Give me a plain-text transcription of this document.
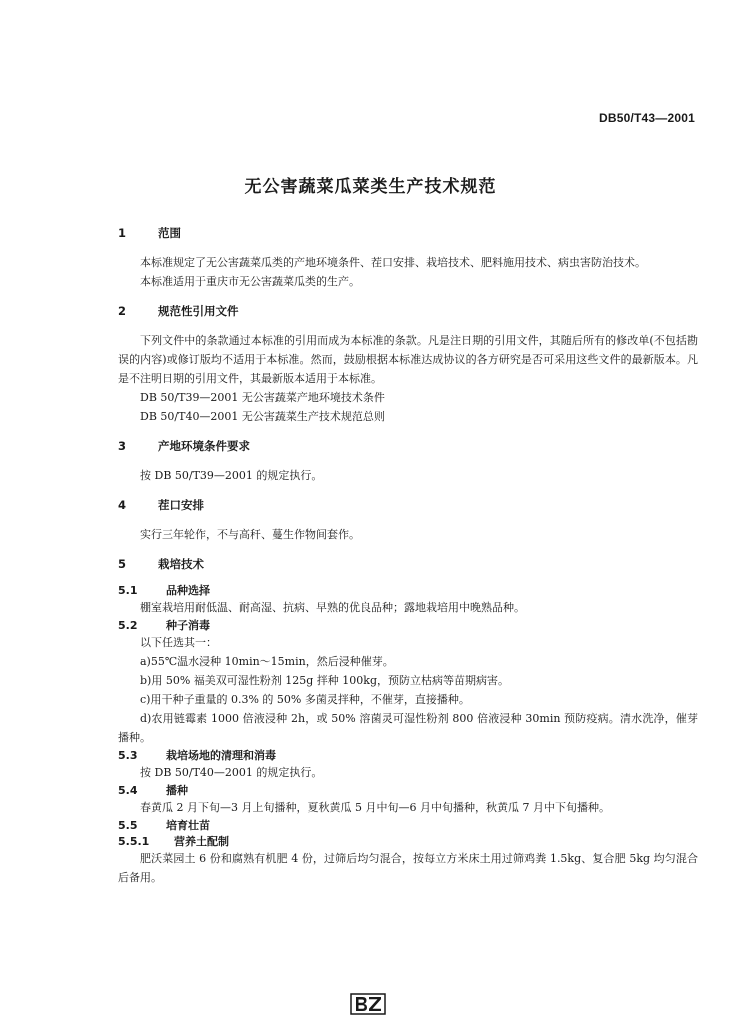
DB50/T43—2001
无公害蔬菜瓜菜类生产技术规范
1	范围

本标准规定了无公害蔬菜瓜类的产地环境条件、茬口安排、栽培技术、肥料施用技术、病虫害防治技术。

本标准适用于重庆市无公害蔬菜瓜类的生产。

2	规范性引用文件

下列文件中的条款通过本标准的引用而成为本标准的条款。凡是注日期的引用文件，其随后所有的修改单(不包括勘误的内容)或修订版均不适用于本标准。然而，鼓励根据本标准达成协议的各方研究是否可采用这些文件的最新版本。凡是不注明日期的引用文件，其最新版本适用于本标准。

DB 50/T39—2001 无公害蔬菜产地环境技术条件

DB 50/T40—2001 无公害蔬菜生产技术规范总则

3	产地环境条件要求

按 DB 50/T39—2001 的规定执行。

4	茬口安排

实行三年轮作，不与高秆、蔓生作物间套作。

5	栽培技术
5.1	品种选择

棚室栽培用耐低温、耐高湿、抗病、早熟的优良品种；露地栽培用中晚熟品种。

5.2	种子消毒

以下任选其一：

a)55℃温水浸种 10min～15min，然后浸种催芽。

b)用 50% 福美双可湿性粉剂 125g 拌种 100kg，预防立枯病等苗期病害。

c)用干种子重量的 0.3% 的 50% 多菌灵拌种，不催芽，直接播种。

d)农用链霉素 1000 倍液浸种 2h，或 50% 溶菌灵可湿性粉剂 800 倍液浸种 30min 预防疫病。清水洗净，催芽播种。

5.3	栽培场地的清理和消毒

按 DB 50/T40—2001 的规定执行。

5.4	播种

春黄瓜 2 月下旬—3 月上旬播种，夏秋黄瓜 5 月中旬—6 月中旬播种，秋黄瓜 7 月中下旬播种。

5.5	培育壮苗
5.5.1	营养土配制

肥沃菜园土 6 份和腐熟有机肥 4 份，过筛后均匀混合，按每立方米床土用过筛鸡粪 1.5kg、复合肥 5kg 均匀混合后备用。
